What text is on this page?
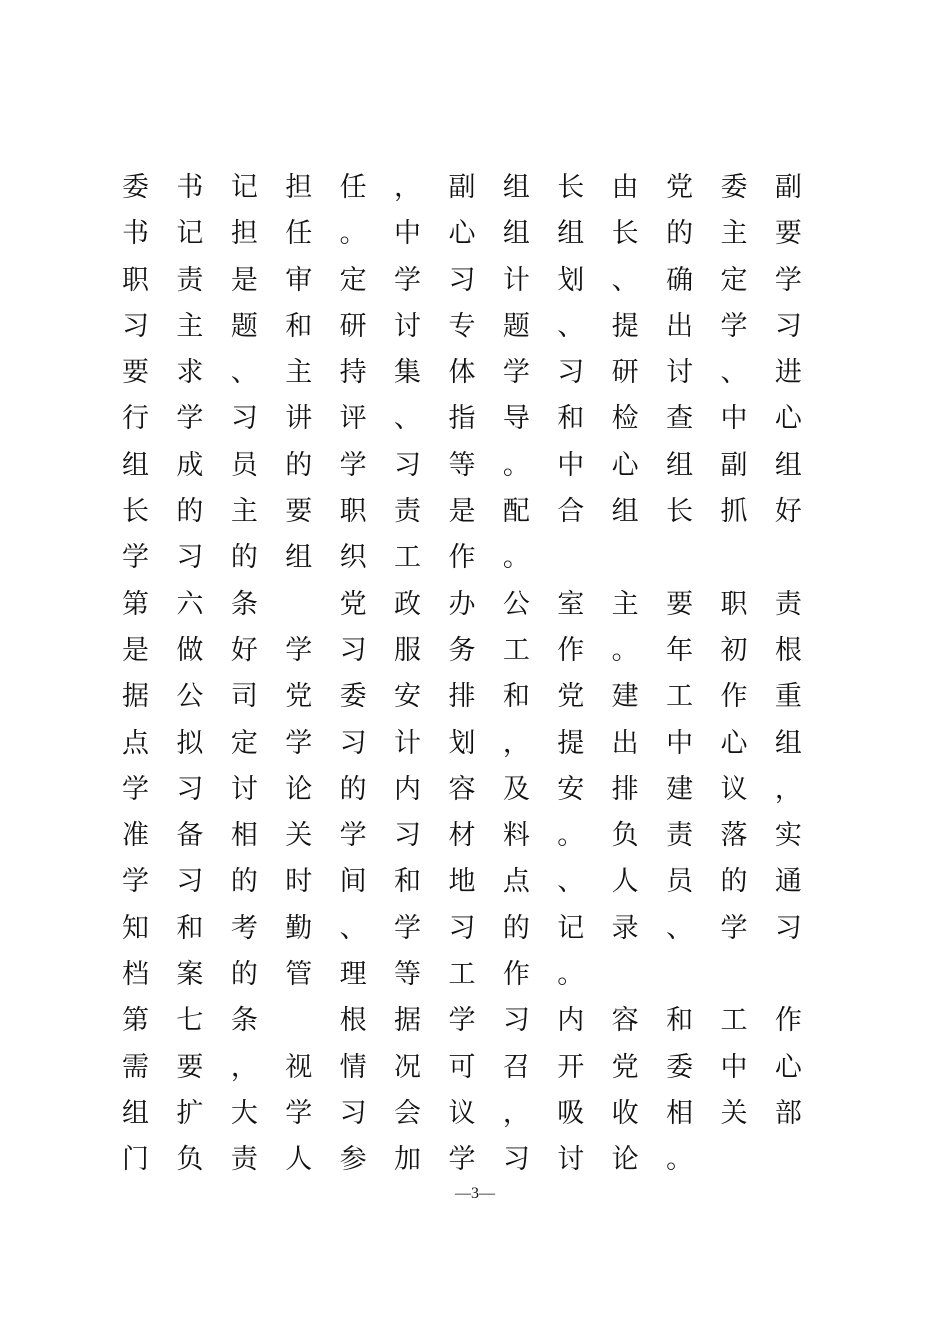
委 书 记 担 任 ， 副 组 长 由 党 委 副
书 记 担 任 。 中 心 组 组 长 的 主 要
职 责 是 审 定 学 习 计 划 、 确 定 学
习 主 题 和 研 讨 专 题 、 提 出 学 习
要 求 、 主 持 集 体 学 习 研 讨 、 进
行 学 习 讲 评 、 指 导 和 检 查 中 心
组 成 员 的 学 习 等 。 中 心 组 副 组
长 的 主 要 职 责 是 配 合 组 长 抓 好
学 习 的 组 织 工 作 。
第 六 条　	党 政 办 公 室 主 要 职 责
是 做 好 学 习 服 务 工 作 。 年 初 根
据 公 司 党 委 安 排 和 党 建 工 作 重
点 拟 定 学 习 计 划 ， 提 出 中 心 组
学 习 讨 论 的 内 容 及 安 排 建 议 ，
准 备 相 关 学 习 材 料 。 负 责 落 实
学 习 的 时 间 和 地 点 、 人 员 的 通
知 和 考 勤 、 学 习 的 记 录 、 学 习
档 案 的 管 理 等 工 作 。
第 七 条　	根 据 学 习 内 容 和 工 作
需 要 ， 视 情 况 可 召 开 党 委 中 心
组 扩 大 学 习 会 议 ， 吸 收 相 关 部
门 负 责 人 参 加 学 习 讨 论 。
—3—
